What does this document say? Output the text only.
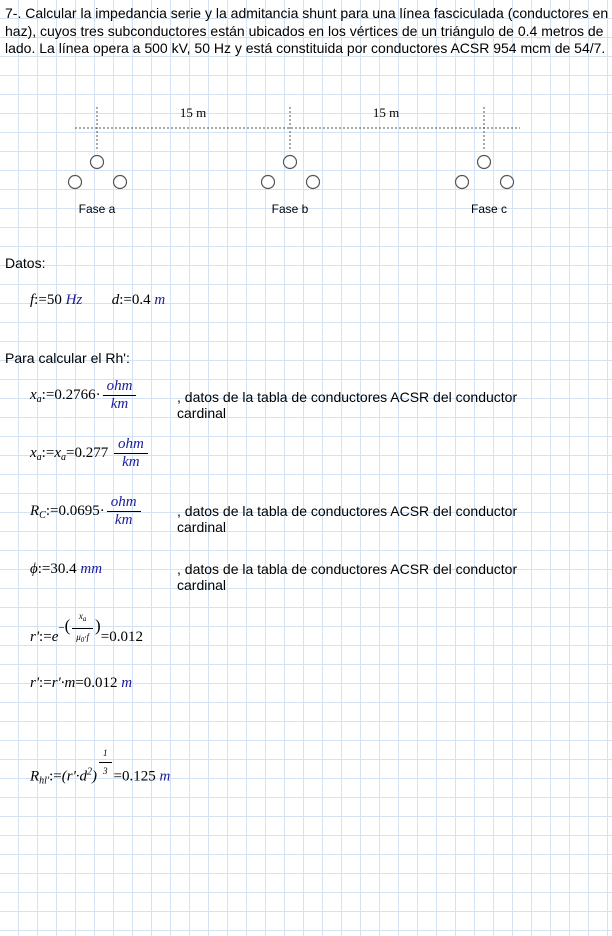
7-. Calcular la impedancia serie y la admitancia shunt para una línea fasciculada (conductores en haz), cuyos tres subconductores están ubicados en los vértices de un triángulo de 0.4 metros de lado. La línea opera a 500 kV, 50 Hz y está constituida por conductores ACSR 954 mcm de 54/7.

15 m	15 m
Fase a	Fase b	Fase c
Datos:
f:=50 Hz d:=0.4 m
Para calcular el Rh':
$x_a:=0.2766\cdot \frac{\text{ohm}}{km}$	, datos de la tabla de conductores ACSR del conductor cardinal
$x_a:=x_a=0.277 \frac{\text{ohm}}{km}$
$R_C:=0.0695\cdot \frac{\text{ohm}}{km}$	, datos de la tabla de conductores ACSR del conductor cardinal
ϕ:=30.4 mm	, datos de la tabla de conductores ACSR del conductor cardinal
r':=e−( $\frac{x_a}{\mu_0\cdot f} )=0.012$
r':=r'·m=0.012 m
$R_{hl'}:=(r'\cdot d^2) \frac{1}{3} =0.125$ m
